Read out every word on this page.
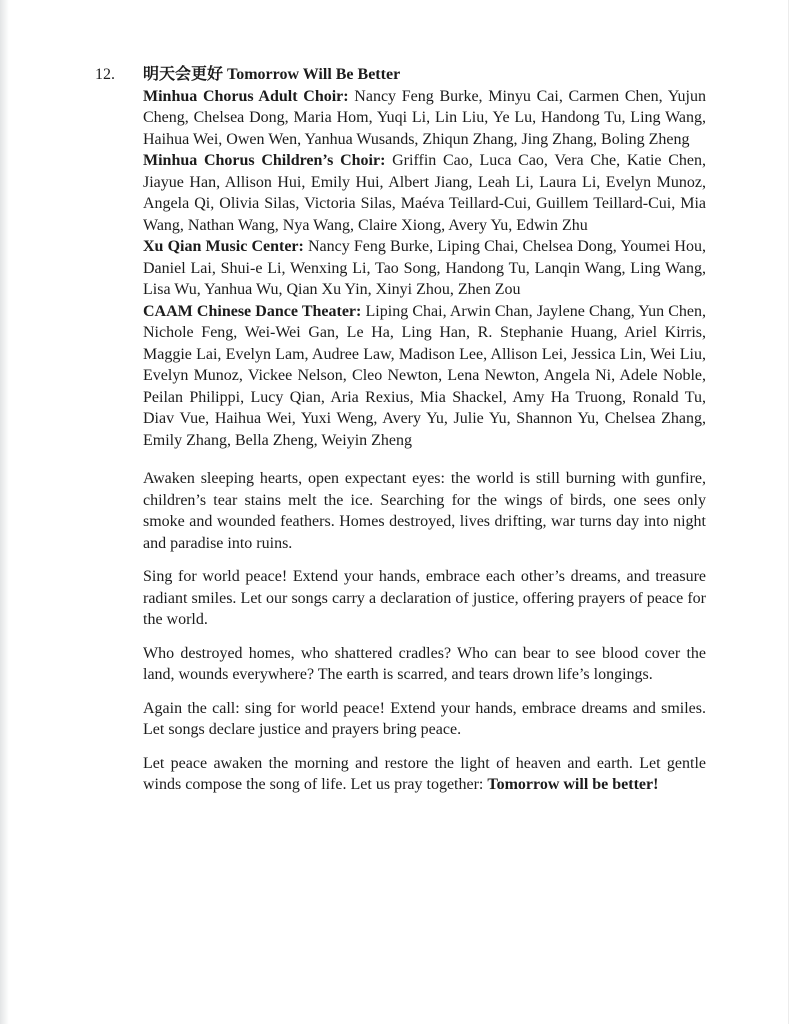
12.	明天会更好 Tomorrow Will Be Better

Minhua Chorus Adult Choir: Nancy Feng Burke, Minyu Cai, Carmen Chen, Yujun Cheng, Chelsea Dong, Maria Hom, Yuqi Li, Lin Liu, Ye Lu, Handong Tu, Ling Wang, Haihua Wei, Owen Wen, Yanhua Wusands, Zhiqun Zhang, Jing Zhang, Boling Zheng

Minhua Chorus Children’s Choir: Griffin Cao, Luca Cao, Vera Che, Katie Chen, Jiayue Han, Allison Hui, Emily Hui, Albert Jiang, Leah Li, Laura Li, Evelyn Munoz, Angela Qi, Olivia Silas, Victoria Silas, Maéva Teillard-Cui, Guillem Teillard-Cui, Mia Wang, Nathan Wang, Nya Wang, Claire Xiong, Avery Yu, Edwin Zhu

Xu Qian Music Center: Nancy Feng Burke, Liping Chai, Chelsea Dong, Youmei Hou, Daniel Lai, Shui-e Li, Wenxing Li, Tao Song, Handong Tu, Lanqin Wang, Ling Wang, Lisa Wu, Yanhua Wu, Qian Xu Yin, Xinyi Zhou, Zhen Zou

CAAM Chinese Dance Theater: Liping Chai, Arwin Chan, Jaylene Chang, Yun Chen, Nichole Feng, Wei-Wei Gan, Le Ha, Ling Han, R. Stephanie Huang, Ariel Kirris, Maggie Lai, Evelyn Lam, Audree Law, Madison Lee, Allison Lei, Jessica Lin, Wei Liu, Evelyn Munoz, Vickee Nelson, Cleo Newton, Lena Newton, Angela Ni, Adele Noble, Peilan Philippi, Lucy Qian, Aria Rexius, Mia Shackel, Amy Ha Truong, Ronald Tu, Diav Vue, Haihua Wei, Yuxi Weng, Avery Yu, Julie Yu, Shannon Yu, Chelsea Zhang, Emily Zhang, Bella Zheng, Weiyin Zheng

Awaken sleeping hearts, open expectant eyes: the world is still burning with gunfire, children’s tear stains melt the ice. Searching for the wings of birds, one sees only smoke and wounded feathers. Homes destroyed, lives drifting, war turns day into night and paradise into ruins.

Sing for world peace! Extend your hands, embrace each other’s dreams, and treasure radiant smiles. Let our songs carry a declaration of justice, offering prayers of peace for the world.

Who destroyed homes, who shattered cradles? Who can bear to see blood cover the land, wounds everywhere? The earth is scarred, and tears drown life’s longings.

Again the call: sing for world peace! Extend your hands, embrace dreams and smiles. Let songs declare justice and prayers bring peace.

Let peace awaken the morning and restore the light of heaven and earth. Let gentle winds compose the song of life. Let us pray together: Tomorrow will be better!
